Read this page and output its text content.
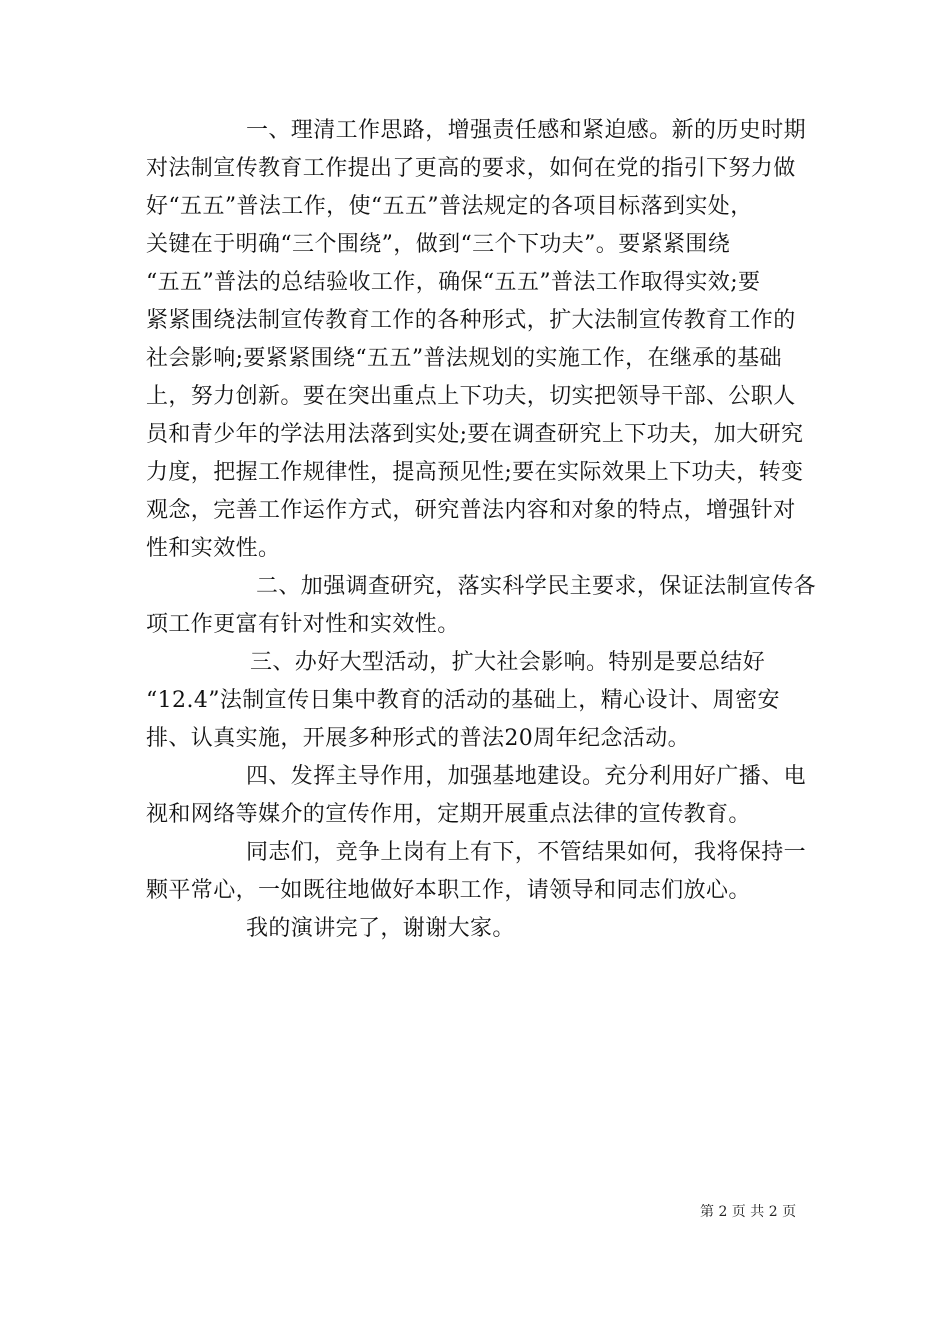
一、理清工作思路，增强责任感和紧迫感。新的历史时期
对法制宣传教育工作提出了更高的要求，如何在党的指引下努力做
好“五五”普法工作，使“五五”普法规定的各项目标落到实处，
关键在于明确“三个围绕”，做到“三个下功夫”。要紧紧围绕
“五五”普法的总结验收工作，确保“五五”普法工作取得实效;要
紧紧围绕法制宣传教育工作的各种形式，扩大法制宣传教育工作的
社会影响;要紧紧围绕“五五”普法规划的实施工作，在继承的基础
上，努力创新。要在突出重点上下功夫，切实把领导干部、公职人
员和青少年的学法用法落到实处;要在调查研究上下功夫，加大研究
力度，把握工作规律性，提高预见性;要在实际效果上下功夫，转变
观念，完善工作运作方式，研究普法内容和对象的特点，增强针对
性和实效性。
二、加强调查研究，落实科学民主要求，保证法制宣传各
项工作更富有针对性和实效性。
三、办好大型活动，扩大社会影响。特别是要总结好
“12.4”法制宣传日集中教育的活动的基础上，精心设计、周密安
排、认真实施，开展多种形式的普法20周年纪念活动。
四、发挥主导作用，加强基地建设。充分利用好广播、电
视和网络等媒介的宣传作用，定期开展重点法律的宣传教育。
同志们，竞争上岗有上有下，不管结果如何，我将保持一
颗平常心，一如既往地做好本职工作，请领导和同志们放心。
我的演讲完了，谢谢大家。
第 2 页 共 2 页
